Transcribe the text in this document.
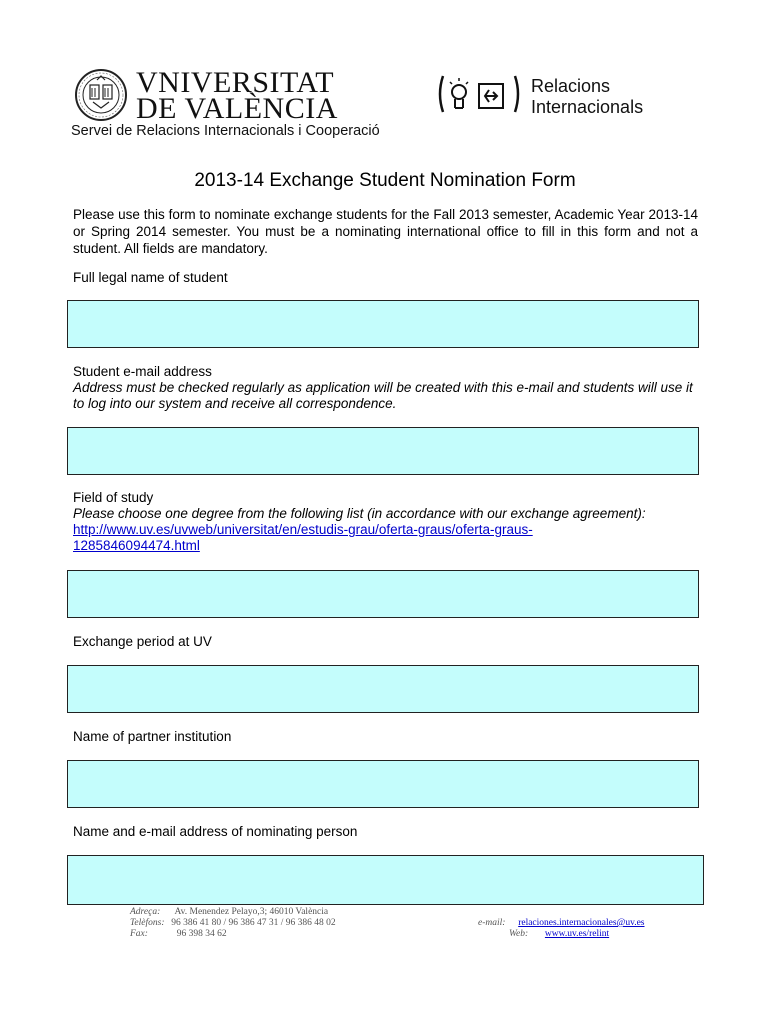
VNIVERSITAT
DE VALÈNCIA
Servei de Relacions Internacionals i Cooperació
Relacions
Internacionals
2013-14 Exchange Student Nomination Form

Please use this form to nominate exchange students for the Fall 2013 semester, Academic Year 2013-14 or Spring 2014 semester. You must be a nominating international office to fill in this form and not a student. All fields are mandatory.

Full legal name of student

Student e-mail address

Address must be checked regularly as application will be created with this e-mail and students will use it to log into our system and receive all correspondence.

Field of study

Please choose one degree from the following list (in accordance with our exchange agreement):

http://www.uv.es/uvweb/universitat/en/estudis-grau/oferta-graus/oferta-graus-
1285846094474.html

Exchange period at UV

Name of partner institution

Name and e-mail address of nominating person

Adreça: Av. Menendez Pelayo,3; 46010 València
Telèfons: 96 386 41 80 / 96 386 47 31 / 96 386 48 02
Fax:	96 398 34 62
e-mail: relaciones.internacionales@uv.es
Web: www.uv.es/relint
